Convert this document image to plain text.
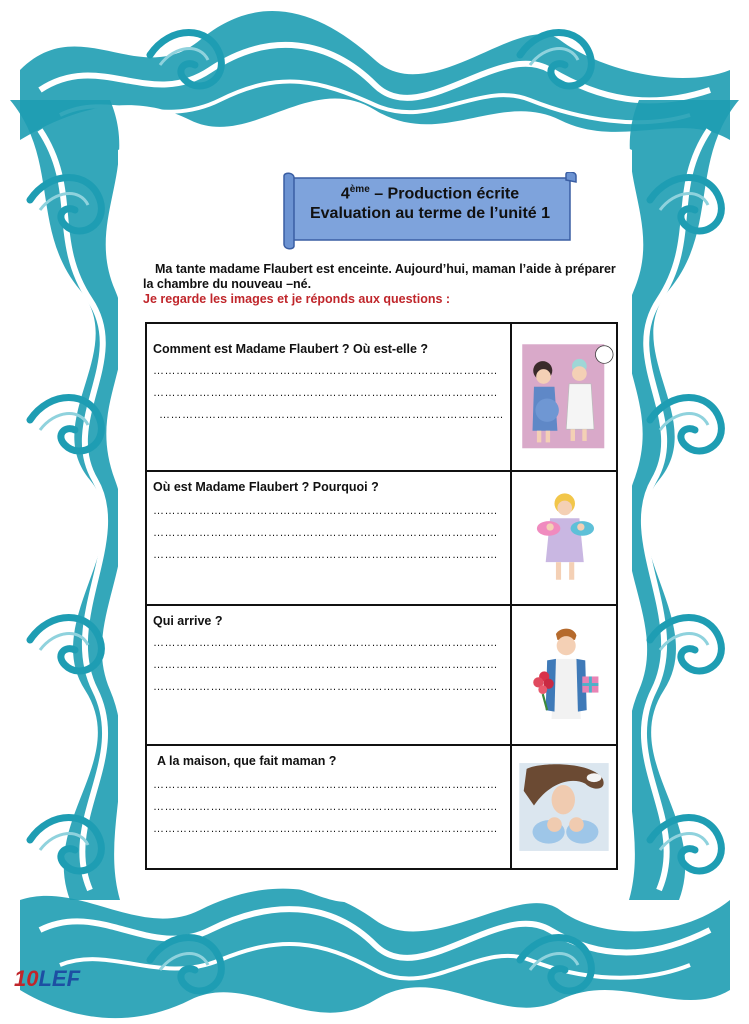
4ème – Production écrite
Evaluation au terme de l’unité 1
Ma tante madame Flaubert est enceinte. Aujourd’hui, maman l’aide à préparer la chambre du nouveau –né.
Je regarde les images et je réponds aux questions :
Comment est Madame Flaubert ? Où est-elle ?
………………………………………………………………………………
………………………………………………………………………………
………………………………………………………………………………

Où est Madame Flaubert ? Pourquoi ?
………………………………………………………………………………
………………………………………………………………………………
………………………………………………………………………………

Qui arrive ?
………………………………………………………………………………
………………………………………………………………………………
………………………………………………………………………………

A la maison, que fait maman ?
………………………………………………………………………………
………………………………………………………………………………
………………………………………………………………………………

10LEF
